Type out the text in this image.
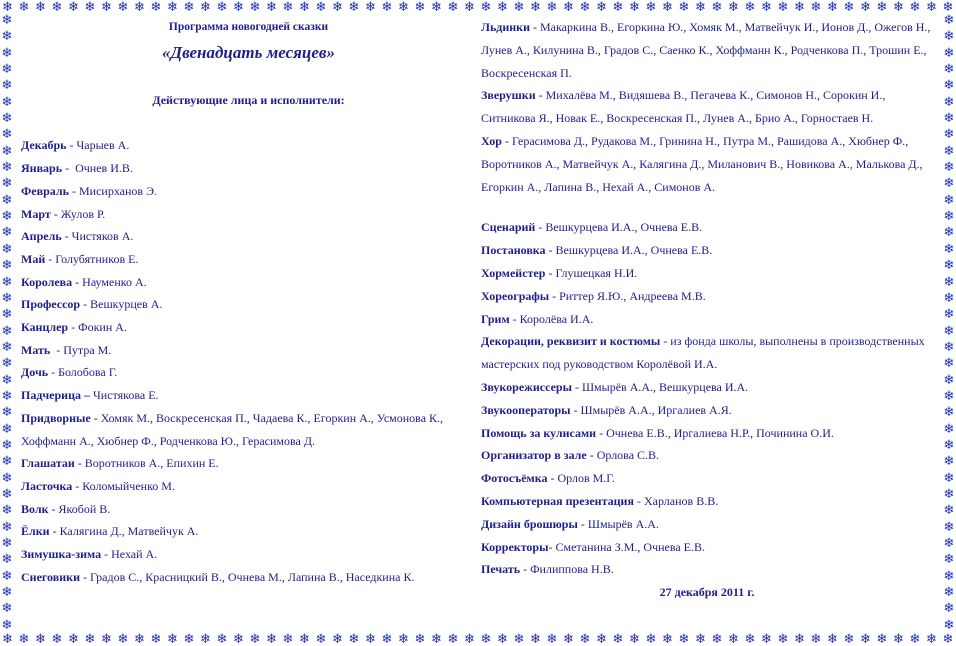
❄ ❄ ❄ ❄ ❄ ❄ ❄ ❄ ❄ ❄ ❄ ❄ ❄ ❄ ❄ ❄ ❄ ❄ ❄ ❄ ❄ ❄ ❄ ❄ ❄ ❄ ❄ ❄ ❄ ❄ ❄ ❄ ❄ ❄ ❄ ❄ ❄ ❄ ❄ ❄ ❄ ❄ ❄ ❄ ❄ ❄ ❄ ❄ ❄ ❄ ❄ ❄ ❄ ❄ ❄ ❄ ❄ ❄
❄ ❄ ❄ ❄ ❄ ❄ ❄ ❄ ❄ ❄ ❄ ❄ ❄ ❄ ❄ ❄ ❄ ❄ ❄ ❄ ❄ ❄ ❄ ❄ ❄ ❄ ❄ ❄ ❄ ❄ ❄ ❄ ❄ ❄ ❄ ❄ ❄ ❄ ❄ ❄ ❄ ❄ ❄ ❄ ❄ ❄ ❄ ❄ ❄ ❄ ❄ ❄ ❄ ❄ ❄ ❄ ❄ ❄
❄
❄
❄
❄
❄
❄
❄
❄
❄
❄
❄
❄
❄
❄
❄
❄
❄
❄
❄
❄
❄
❄
❄
❄
❄
❄
❄
❄
❄
❄
❄
❄
❄
❄
❄
❄
❄
❄
❄
❄
❄
❄
❄
❄
❄
❄
❄
❄
❄
❄
❄
❄
❄
❄
❄
❄
❄
❄
❄
❄
❄
❄
❄
❄
❄
❄
❄
❄
❄
❄
❄
❄
❄
❄
❄
❄
Программа новогодней сказки
«Двенадцать месяцев»
Действующие лица и исполнители:
Декабрь - Чарыев А.
Январь -  Очнев И.В.
Февраль - Мисирханов Э.
Март - Жулов Р.
Апрель - Чистяков А.
Май - Голубятников Е.
Королева - Науменко А.
Профессор - Вешкурцев А.
Канцлер - Фокин А.
Мать  - Путра М.
Дочь - Болобова Г.
Падчерица – Чистякова Е.
Придворные - Хомяк М., Воскресенская П., Чадаева К., Егоркин А., Усмонова К., Хоффманн А., Хюбнер Ф., Родченкова Ю., Герасимова Д.
Глашатаи - Воротников А., Епихин Е.
Ласточка - Коломыйченко М.
Волк - Якобой В.
Ёлки - Калягина Д., Матвейчук А.
Зимушка-зима - Нехай А.
Снеговики - Градов С., Красницкий В., Очнева М., Лапина В., Наседкина К.
Льдинки - Макаркина В., Егоркина Ю., Хомяк М., Матвейчук И., Ионов Д., Ожегов Н., Лунев А., Килунина В., Градов С., Саенко К., Хоффманн К., Родченкова П., Трошин Е., Воскресенская П.
Зверушки - Михалёва М., Видяшева В., Пегачева К., Симонов Н., Сорокин И., Ситникова Я., Новак Е., Воскресенская П., Лунев А., Брио А., Горностаев Н.
Хор - Герасимова Д., Рудакова М., Гринина Н., Путра М., Рашидова А., Хюбнер Ф., Воротников А., Матвейчук А., Калягина Д., Миланович В., Новикова А., Малькова Д., Егоркин А., Лапина В., Нехай А., Симонов А.
Сценарий - Вешкурцева И.А., Очнева Е.В.
Постановка - Вешкурцева И.А., Очнева Е.В.
Хормейстер - Глушецкая Н.И.
Хореографы - Риттер Я.Ю., Андреева М.В.
Грим - Королёва И.А.
Декорации, реквизит и костюмы - из фонда школы, выполнены в производственных мастерских под руководством Королёвой И.А.
Звукорежиссеры - Шмырёв А.А., Вешкурцева И.А.
Звукооператоры - Шмырёв А.А., Иргалиев А.Я.
Помощь за кулисами - Очнева Е.В., Иргалиева Н.Р., Починина О.И.
Организатор в зале - Орлова С.В.
Фотосъёмка - Орлов М.Г.
Компьютерная презентация - Харланов В.В.
Дизайн брошюры - Шмырёв А.А.
Корректоры- Сметанина З.М., Очнева Е.В.
Печать - Филиппова Н.В.
27 декабря 2011 г.
